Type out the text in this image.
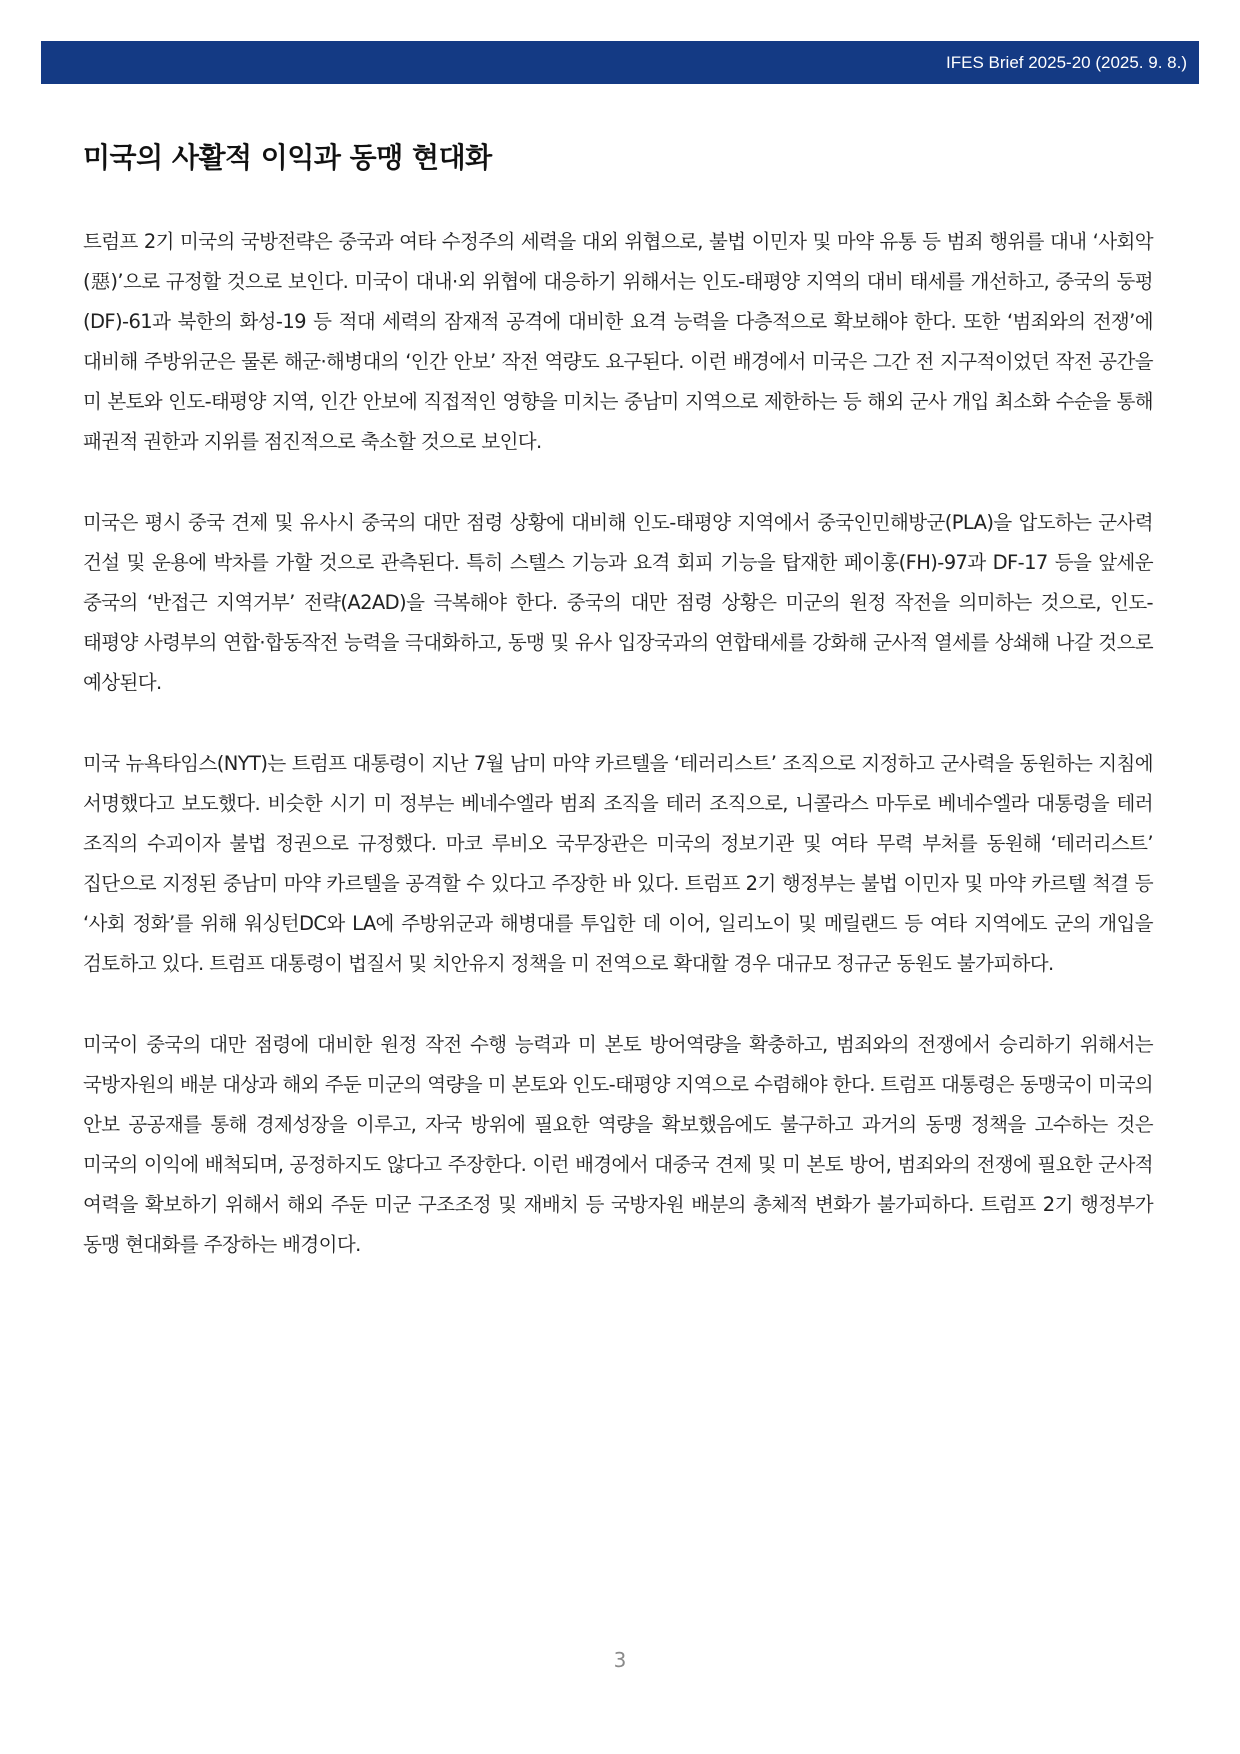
IFES Brief 2025-20 (2025. 9. 8.)
미국의 사활적 이익과 동맹 현대화

트럼프 2기 미국의 국방전략은 중국과 여타 수정주의 세력을 대외 위협으로, 불법 이민자 및 마약 유통 등 범죄 행위를 대내 ‘사회악(惡)’으로 규정할 것으로 보인다. 미국이 대내·외 위협에 대응하기 위해서는 인도-태평양 지역의 대비 태세를 개선하고, 중국의 둥펑(DF)-61과 북한의 화성-19 등 적대 세력의 잠재적 공격에 대비한 요격 능력을 다층적으로 확보해야 한다. 또한 ‘범죄와의 전쟁’에 대비해 주방위군은 물론 해군·해병대의 ‘인간 안보’ 작전 역량도 요구된다. 이런 배경에서 미국은 그간 전 지구적이었던 작전 공간을 미 본토와 인도-태평양 지역, 인간 안보에 직접적인 영향을 미치는 중남미 지역으로 제한하는 등 해외 군사 개입 최소화 수순을 통해 패권적 권한과 지위를 점진적으로 축소할 것으로 보인다.

미국은 평시 중국 견제 및 유사시 중국의 대만 점령 상황에 대비해 인도-태평양 지역에서 중국인민해방군(PLA)을 압도하는 군사력 건설 및 운용에 박차를 가할 것으로 관측된다. 특히 스텔스 기능과 요격 회피 기능을 탑재한 페이훙(FH)-97과 DF-17 등을 앞세운 중국의 ‘반접근 지역거부’ 전략(A2AD)을 극복해야 한다. 중국의 대만 점령 상황은 미군의 원정 작전을 의미하는 것으로, 인도-태평양 사령부의 연합·합동작전 능력을 극대화하고, 동맹 및 유사 입장국과의 연합태세를 강화해 군사적 열세를 상쇄해 나갈 것으로 예상된다.

미국 뉴욕타임스(NYT)는 트럼프 대통령이 지난 7월 남미 마약 카르텔을 ‘테러리스트’ 조직으로 지정하고 군사력을 동원하는 지침에 서명했다고 보도했다. 비슷한 시기 미 정부는 베네수엘라 범죄 조직을 테러 조직으로, 니콜라스 마두로 베네수엘라 대통령을 테러 조직의 수괴이자 불법 정권으로 규정했다. 마코 루비오 국무장관은 미국의 정보기관 및 여타 무력 부처를 동원해 ‘테러리스트’ 집단으로 지정된 중남미 마약 카르텔을 공격할 수 있다고 주장한 바 있다. 트럼프 2기 행정부는 불법 이민자 및 마약 카르텔 척결 등 ‘사회 정화’를 위해 워싱턴DC와 LA에 주방위군과 해병대를 투입한 데 이어, 일리노이 및 메릴랜드 등 여타 지역에도 군의 개입을 검토하고 있다. 트럼프 대통령이 법질서 및 치안유지 정책을 미 전역으로 확대할 경우 대규모 정규군 동원도 불가피하다.

미국이 중국의 대만 점령에 대비한 원정 작전 수행 능력과 미 본토 방어역량을 확충하고, 범죄와의 전쟁에서 승리하기 위해서는 국방자원의 배분 대상과 해외 주둔 미군의 역량을 미 본토와 인도-태평양 지역으로 수렴해야 한다. 트럼프 대통령은 동맹국이 미국의 안보 공공재를 통해 경제성장을 이루고, 자국 방위에 필요한 역량을 확보했음에도 불구하고 과거의 동맹 정책을 고수하는 것은 미국의 이익에 배척되며, 공정하지도 않다고 주장한다. 이런 배경에서 대중국 견제 및 미 본토 방어, 범죄와의 전쟁에 필요한 군사적 여력을 확보하기 위해서 해외 주둔 미군 구조조정 및 재배치 등 국방자원 배분의 총체적 변화가 불가피하다. 트럼프 2기 행정부가 동맹 현대화를 주장하는 배경이다.

3
